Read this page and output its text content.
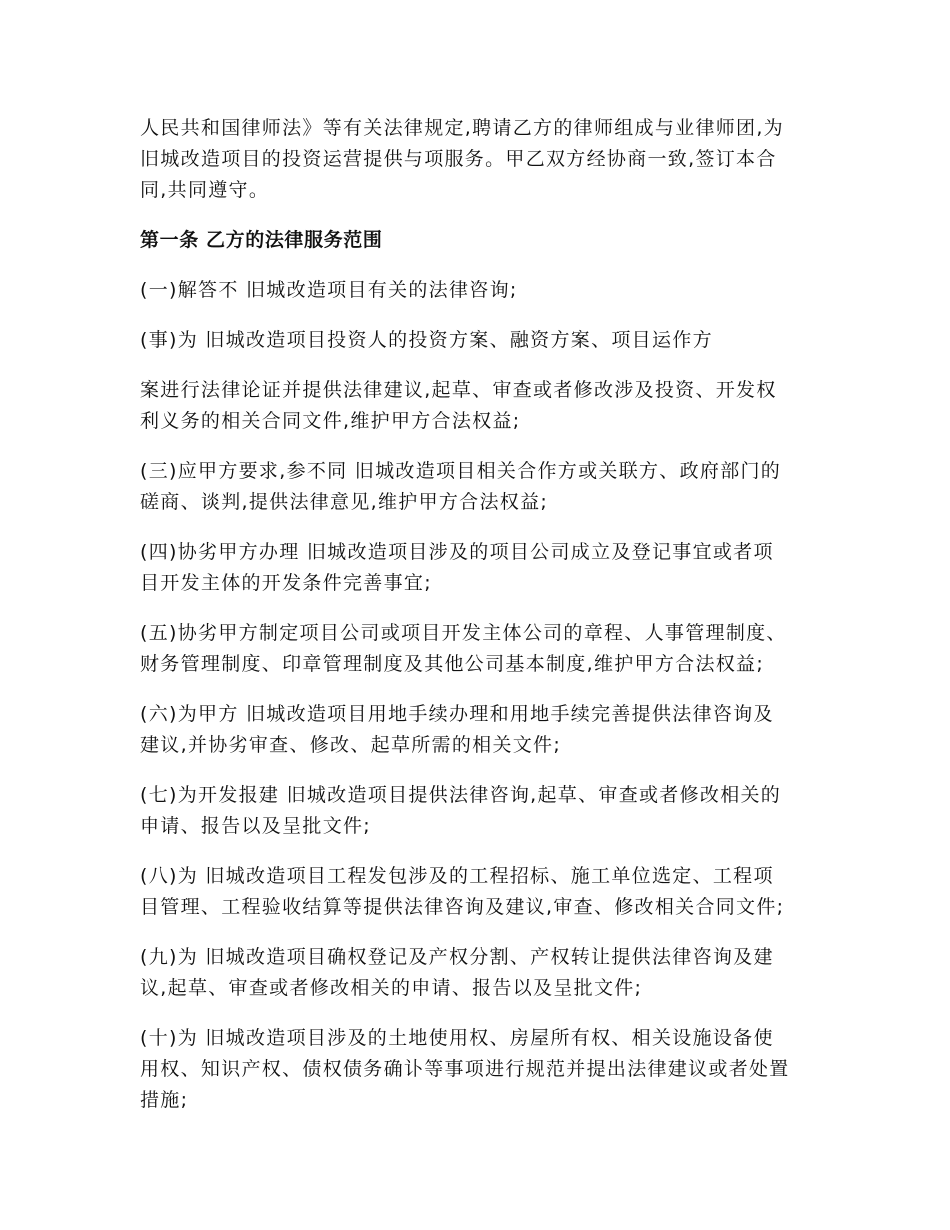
人民共和国律师法》等有关法律规定,聘请乙方的律师组成与业律师团,为
旧城改造项目的投资运营提供与项服务。甲乙双方经协商一致,签订本合
同,共同遵守。

第一条 乙方的法律服务范围

(一)解答不 旧城改造项目有关的法律咨询;

(事)为 旧城改造项目投资人的投资方案、融资方案、项目运作方

案进行法律论证并提供法律建议,起草、审查或者修改涉及投资、开发权
利义务的相关合同文件,维护甲方合法权益;

(三)应甲方要求,参不同 旧城改造项目相关合作方或关联方、政府部门的
磋商、谈判,提供法律意见,维护甲方合法权益;

(四)协劣甲方办理 旧城改造项目涉及的项目公司成立及登记事宜或者项
目开发主体的开发条件完善事宜;

(五)协劣甲方制定项目公司或项目开发主体公司的章程、人事管理制度、
财务管理制度、印章管理制度及其他公司基本制度,维护甲方合法权益;

(六)为甲方 旧城改造项目用地手续办理和用地手续完善提供法律咨询及
建议,并协劣审查、修改、起草所需的相关文件;

(七)为开发报建 旧城改造项目提供法律咨询,起草、审查或者修改相关的
申请、报告以及呈批文件;

(八)为 旧城改造项目工程发包涉及的工程招标、施工单位选定、工程项
目管理、工程验收结算等提供法律咨询及建议,审查、修改相关合同文件;

(九)为 旧城改造项目确权登记及产权分割、产权转让提供法律咨询及建
议,起草、审查或者修改相关的申请、报告以及呈批文件;

(十)为 旧城改造项目涉及的土地使用权、房屋所有权、相关设施设备使
用权、知识产权、债权债务确讣等事项进行规范并提出法律建议或者处置
措施;
